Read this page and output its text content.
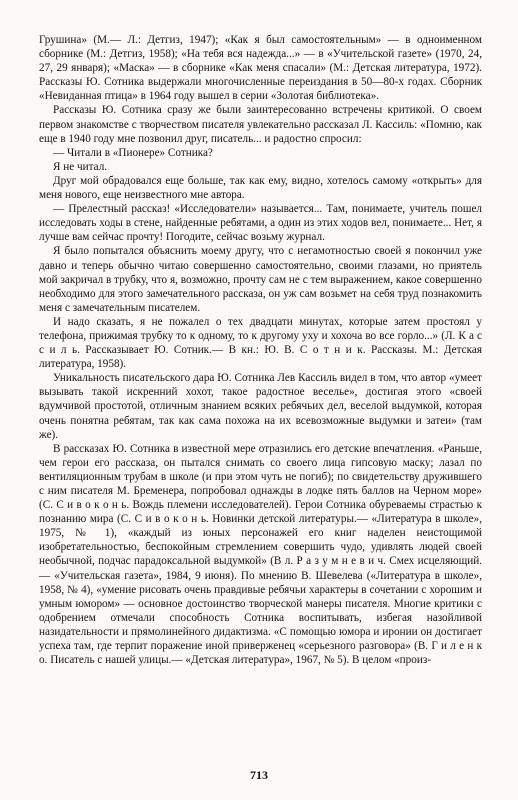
Грушина» (М.— Л.: Детгиз, 1947); «Как я был самостоятельным» — в одноименном сборнике (М.: Детгиз, 1958); «На тебя вся надежда...» — в «Учительской газете» (1970, 24, 27, 29 января); «Маска» — в сборнике «Как меня спасали» (М.: Детская литература, 1972). Рассказы Ю. Сотника выдержали многочисленные переиздания в 50—80-х годах. Сборник «Невиданная птица» в 1964 году вышел в серии «Золотая библиотека».

Рассказы Ю. Сотника сразу же были заинтересованно встречены критикой. О своем первом знакомстве с творчеством писателя увлекательно рассказал Л. Кассиль: «Помню, как еще в 1940 году мне позвонил друг, писатель... и радостно спросил:

— Читали в «Пионере» Сотника?

Я не читал.

Друг мой обрадовался еще больше, так как ему, видно, хотелось самому «открыть» для меня нового, еще неизвестного мне автора.

— Прелестный рассказ! «Исследователи» называется... Там, понимаете, учитель пошел исследовать ходы в стене, найденные ребятами, а один из этих ходов вел, понимаете... Нет, я лучше вам сейчас прочту! Погодите, сейчас возьму журнал.

Я было попытался объяснить моему другу, что с негамотностью своей я покончил уже давно и теперь обычно читаю совершенно самостоятельно, своими глазами, но приятель мой закричал в трубку, что я, возможно, прочту сам не с тем выражением, какое совершенно необходимо для этого замечательного рассказа, он уж сам возьмет на себя труд познакомить меня с замечательным писателем.

И надо сказать, я не пожалел о тех двадцати минутах, которые затем простоял у телефона, прижимая трубку то к одному, то к другому уху и хохоча во все горло...» (Л. К а с с и л ь. Рассказывает Ю. Сотник.— В кн.: Ю. В. С о т н и к. Рассказы. М.: Детская литература, 1958).

Уникальность писательского дара Ю. Сотника Лев Кассиль видел в том, что автор «умеет вызывать такой искренний хохот, такое радостное веселье», достигая этого «своей вдумчивой простотой, отличным знанием всяких ребячьих дел, веселой выдумкой, которая очень понятна ребятам, так как сама похожа на их всевозможные выдумки и затеи» (там же).

В рассказах Ю. Сотника в известной мере отразились его детские впечатления. «Раньше, чем герои его рассказа, он пытался снимать со своего лица гипсовую маску; лазал по вентиляционным трубам в школе (и при этом чуть не погиб); по свидетельству дружившего с ним писателя М. Бременера, попробовал однажды в лодке пять баллов на Черном море» (С. С и в о к о н ь. Вождь племени исследователей). Герои Сотника обуреваемы страстью к познанию мира (С. С и в о к о н ь. Новинки детской литературы.— «Литература в школе», 1975, № 1), «каждый из юных персонажей его книг наделен неистощимой изобретательностью, беспокойным стремлением совершить чудо, удивлять людей своей необычной, подчас парадоксальной выдумкой» (В л. Р а з у м н е в и ч. Смех исцеляющий.— «Учительская газета», 1984, 9 июня). По мнению В. Шевелева («Литература в школе», 1958, № 4), «умение рисовать очень правдивые ребячьи характеры в сочетании с хорошим и умным юмором» — основное достоинство творческой манеры писателя. Многие критики с одобрением отмечали способность Сотника воспитывать, избегая назойливой назидательности и прямолинейного дидактизма. «С помощью юмора и иронии он достигает успеха там, где терпит поражение иной приверженец «серьезного разговора» (В. Г и л е н к о. Писатель с нашей улицы.— «Детская литература», 1967, № 5). В целом «произ-

713
